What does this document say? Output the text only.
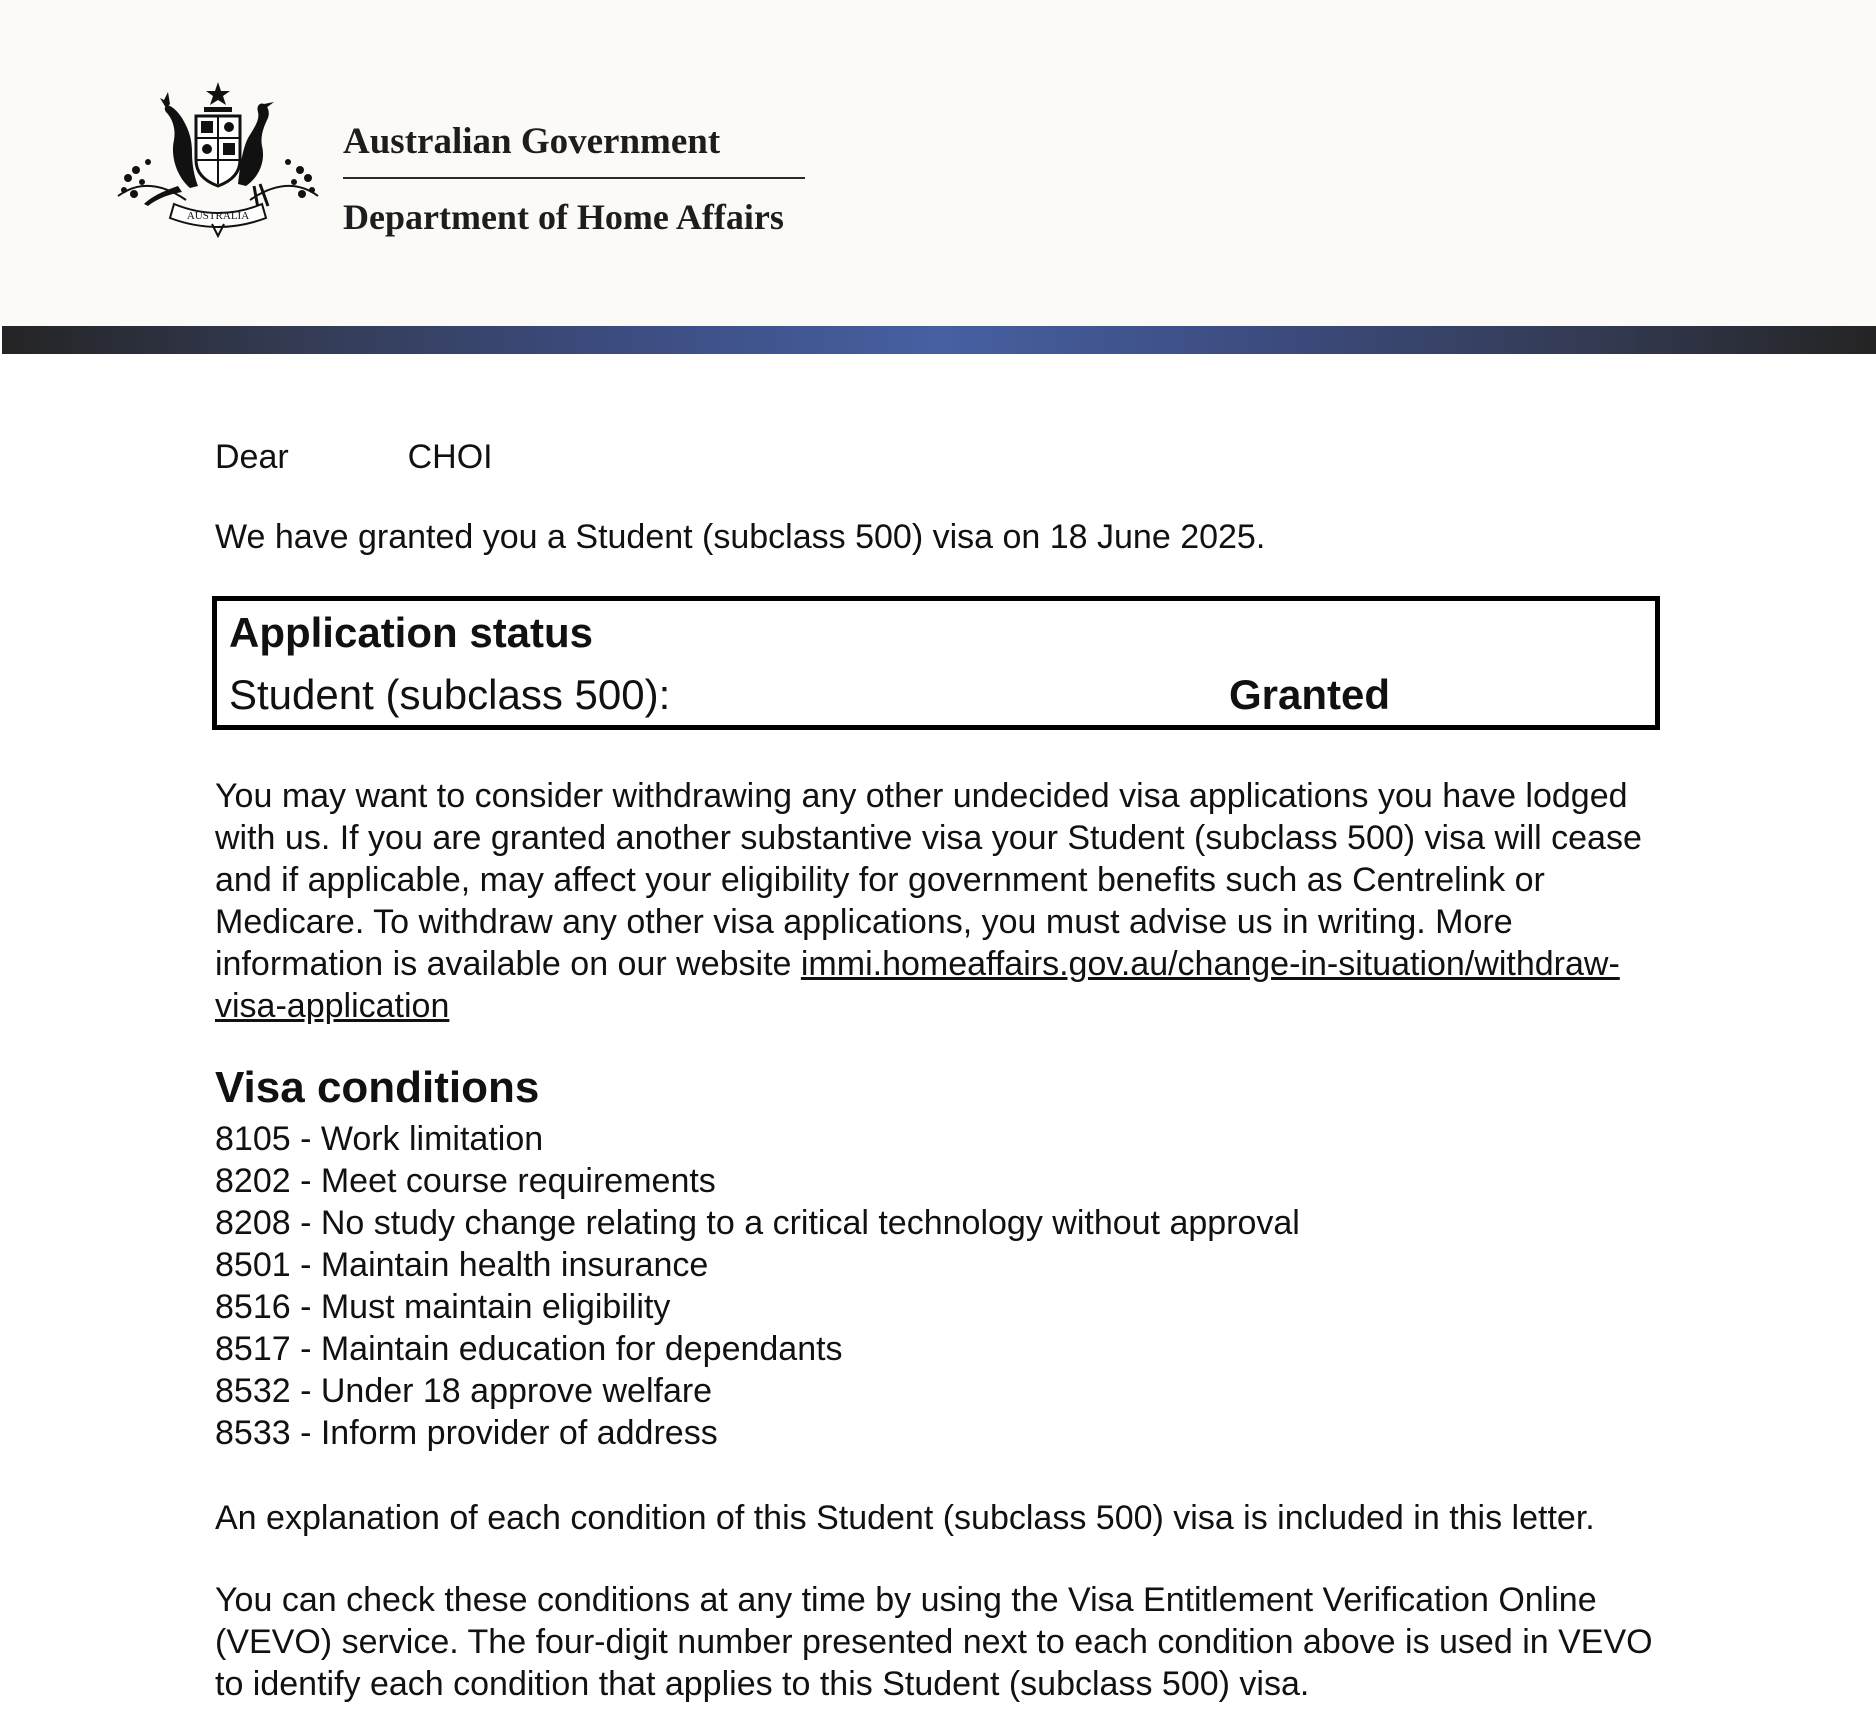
AUSTRALIA
Australian Government
Department of Home Affairs
Dear	CHOI
We have granted you a Student (subclass 500) visa on 18 June 2025.
Application status
Student (subclass 500):	Granted
You may want to consider withdrawing any other undecided visa applications you have lodged with us. If you are granted another substantive visa your Student (subclass 500) visa will cease and if applicable, may affect your eligibility for government benefits such as Centrelink or Medicare. To withdraw any other visa applications, you must advise us in writing. More information is available on our website immi.homeaffairs.gov.au/change-in-situation/withdraw-visa-application
Visa conditions
8105 - Work limitation
8202 - Meet course requirements
8208 - No study change relating to a critical technology without approval
8501 - Maintain health insurance
8516 - Must maintain eligibility
8517 - Maintain education for dependants
8532 - Under 18 approve welfare
8533 - Inform provider of address
An explanation of each condition of this Student (subclass 500) visa is included in this letter.
You can check these conditions at any time by using the Visa Entitlement Verification Online (VEVO) service. The four-digit number presented next to each condition above is used in VEVO to identify each condition that applies to this Student (subclass 500) visa.
